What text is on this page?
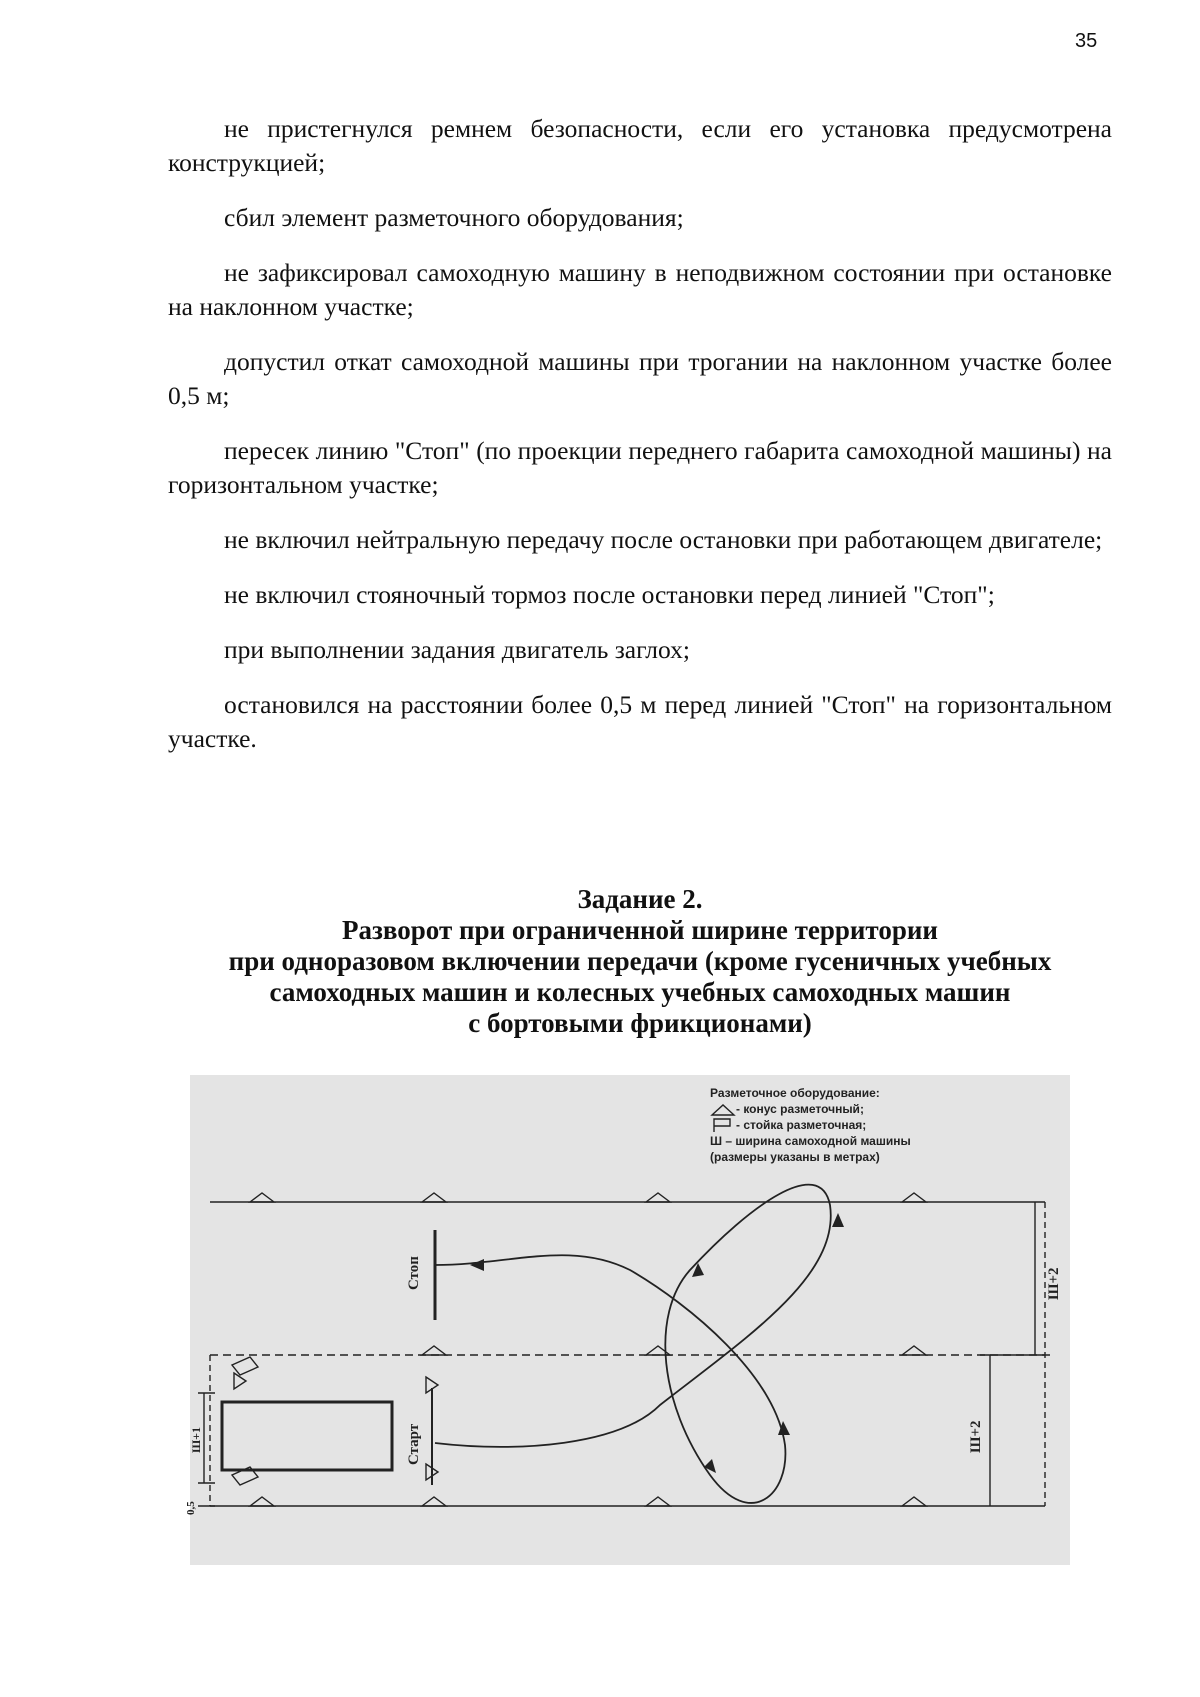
35

не пристегнулся ремнем безопасности, если его установка предусмотрена конструкцией;

сбил элемент разметочного оборудования;

не зафиксировал самоходную машину в неподвижном состоянии при остановке на наклонном участке;

допустил откат самоходной машины при трогании на наклонном участке более 0,5 м;

пересек линию "Стоп" (по проекции переднего габарита самоходной машины) на горизонтальном участке;

не включил нейтральную передачу после остановки при работающем двигателе;

не включил стояночный тормоз после остановки перед линией "Стоп";

при выполнении задания двигатель заглох;

остановился на расстоянии более 0,5 м перед линией "Стоп" на горизонтальном участке.

Задание 2.
Разворот при ограниченной ширине территории
при одноразовом включении передачи (кроме гусеничных учебных
самоходных машин и колесных учебных самоходных машин
с бортовыми фрикционами)
Стоп
Старт
Ш+2
Ш+2
Ш+1
0,5
Разметочное оборудование:
- конус разметочный;
- стойка разметочная;
Ш – ширина самоходной машины
(размеры указаны в метрах)
